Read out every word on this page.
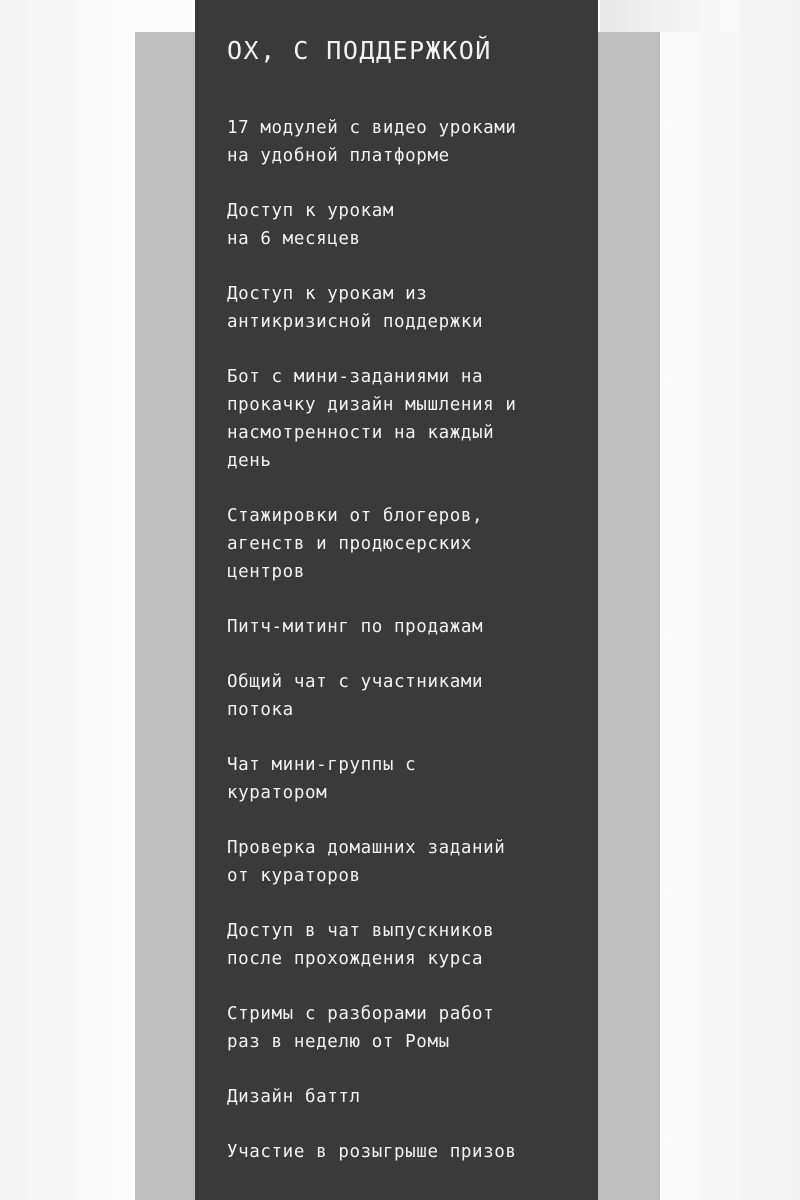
ОХ, С ПОДДЕРЖКОЙ
17 модулей с видео уроками
на удобной платформе
Доступ к урокам
на 6 месяцев
Доступ к урокам из
антикризисной поддержки
Бот с мини-заданиями на
прокачку дизайн мышления и
насмотренности на каждый
день
Стажировки от блогеров,
агенств и продюсерских
центров
Питч-митинг по продажам
Общий чат с участниками
потока
Чат мини-группы с
куратором
Проверка домашних заданий
от кураторов
Доступ в чат выпускников
после прохождения курса
Стримы с разборами работ
раз в неделю от Ромы
Дизайн баттл
Участие в розыгрыше призов
